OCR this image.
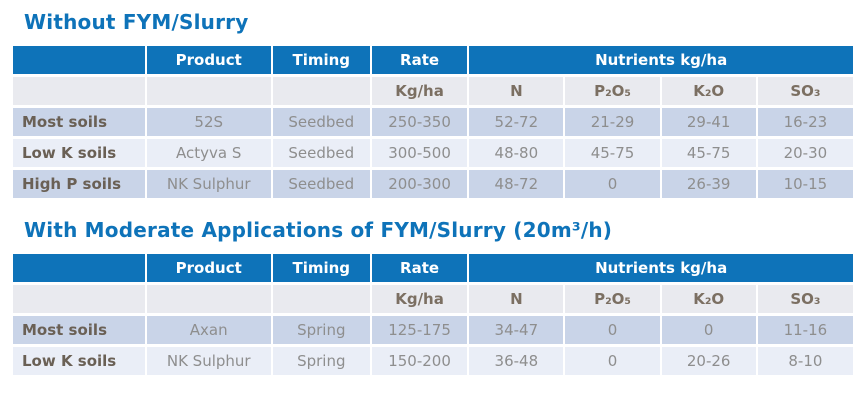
Without FYM/Slurry
	Product	Timing	Rate	Nutrients kg/ha			
			Kg/ha	N	P₂O₅	K₂O	SO₃
Most soils	52S	Seedbed	250-350	52-72	21-29	29-41	16-23
Low K soils	Actyva S	Seedbed	300-500	48-80	45-75	45-75	20-30
High P soils	NK Sulphur	Seedbed	200-300	48-72	0	26-39	10-15
With Moderate Applications of FYM/Slurry (20m³/h)
	Product	Timing	Rate	Nutrients kg/ha			
			Kg/ha	N	P₂O₅	K₂O	SO₃
Most soils	Axan	Spring	125-175	34-47	0	0	11-16
Low K soils	NK Sulphur	Spring	150-200	36-48	0	20-26	8-10
